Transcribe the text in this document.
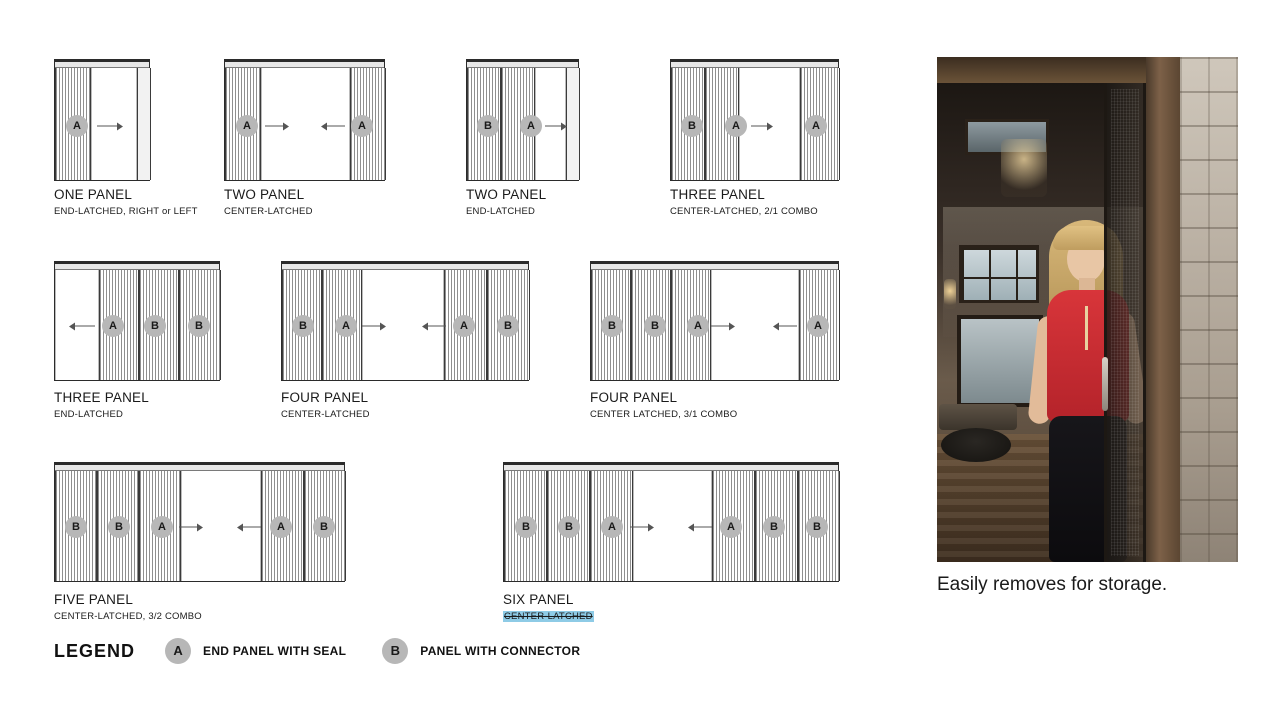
A
ONE PANEL
END-LATCHED, RIGHT or LEFT
A	A
TWO PANEL
CENTER-LATCHED
B	A
TWO PANEL
END-LATCHED
B	A	A
THREE PANEL
CENTER-LATCHED, 2/1 COMBO
A	B	B
THREE PANEL
END-LATCHED
B	A	A	B
FOUR PANEL
CENTER-LATCHED
B	B	A	A
FOUR PANEL
CENTER LATCHED, 3/1 COMBO
B	B	A	A	B
FIVE PANEL
CENTER-LATCHED, 3/2 COMBO
B	B	A	A	B	B
SIX PANEL
CENTER-LATCHED
LEGEND	A	END PANEL WITH SEAL	B	PANEL WITH CONNECTOR
Easily removes for storage.
